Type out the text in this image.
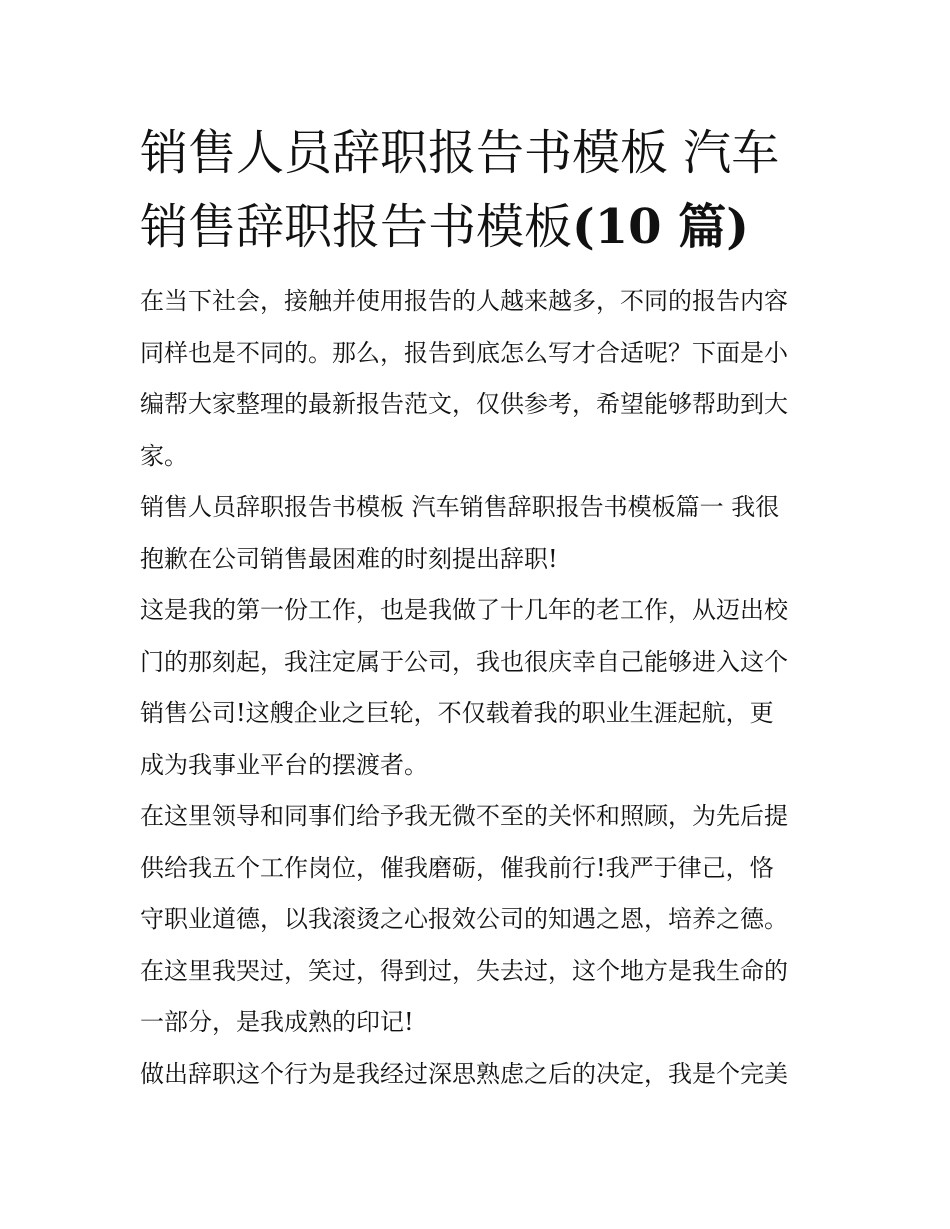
销售人员辞职报告书模板 汽车
销售辞职报告书模板(10 篇)

在当下社会，接触并使用报告的人越来越多，不同的报告内容
同样也是不同的。那么，报告到底怎么写才合适呢？下面是小
编帮大家整理的最新报告范文，仅供参考，希望能够帮助到大
家。

销售人员辞职报告书模板 汽车销售辞职报告书模板篇一 我很
抱歉在公司销售最困难的时刻提出辞职!

这是我的第一份工作，也是我做了十几年的老工作，从迈出校
门的那刻起，我注定属于公司，我也很庆幸自己能够进入这个
销售公司!这艘企业之巨轮，不仅载着我的职业生涯起航，更
成为我事业平台的摆渡者。

在这里领导和同事们给予我无微不至的关怀和照顾，为先后提
供给我五个工作岗位，催我磨砺，催我前行!我严于律己，恪
守职业道德，以我滚烫之心报效公司的知遇之恩，培养之德。

在这里我哭过，笑过，得到过，失去过，这个地方是我生命的
一部分，是我成熟的印记!

做出辞职这个行为是我经过深思熟虑之后的决定，我是个完美
